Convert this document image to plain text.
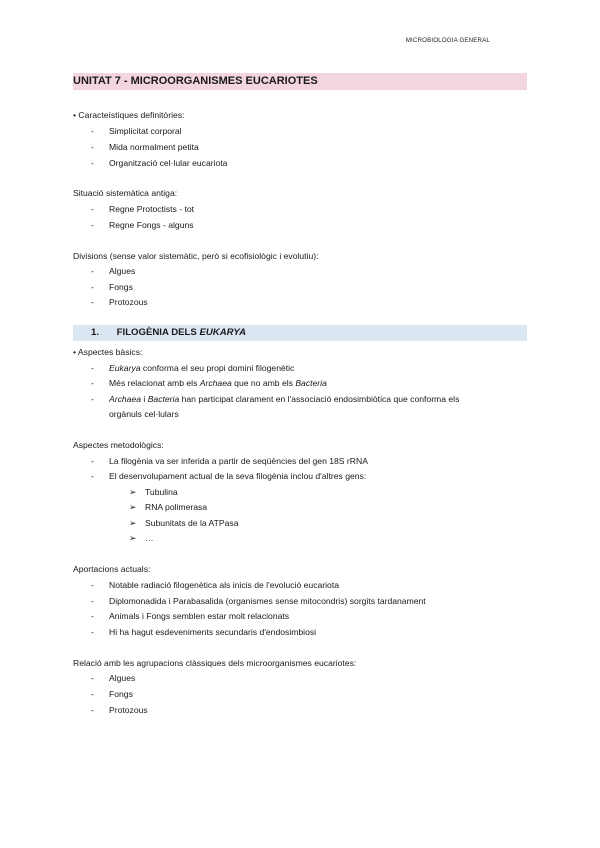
MICROBIOLOGIA GENERAL
UNITAT 7 - MICROORGANISMES EUCARIOTES
• Caracteístiques definitòries:
- Simplicitat corporal
- Mida normalment petita
- Organització cel·lular eucariota
Situació sistemàtica antiga:
- Regne Protoctists - tot
- Regne Fongs - alguns
Divisions (sense valor sistemàtic, però si ecofisiològic i evolutiu):
- Algues
- Fongs
- Protozous
1. FILOGÈNIA DELS EUKARYA
• Aspectes bàsics:
- Eukarya conforma el seu propi domini filogenètic
- Més relacionat amb els Archaea que no amb els Bacteria
- Archaea i Bacteria han participat clarament en l'associació endosimbiòtica que conforma els
orgànuls cel·lulars
Aspectes metodològics:
- La filogènia va ser inferida a partir de seqüències del gen 18S rRNA
- El desenvolupament actual de la seva filogènia inclou d'altres gens:
➢ Tubulina
➢ RNA polimerasa
➢ Subunitats de la ATPasa
➢ …
Aportacions actuals:
- Notable radiació filogenètica als inicis de l'evolució eucariota
- Diplomonadida i Parabasalida (organismes sense mitocondris) sorgits tardanament
- Animals i Fongs semblen estar molt relacionats
- Hi ha hagut esdeveniments secundaris d'endosimbiosi
Relació amb les agrupacions clàssiques dels microorganismes eucariotes:
- Algues
- Fongs
- Protozous
